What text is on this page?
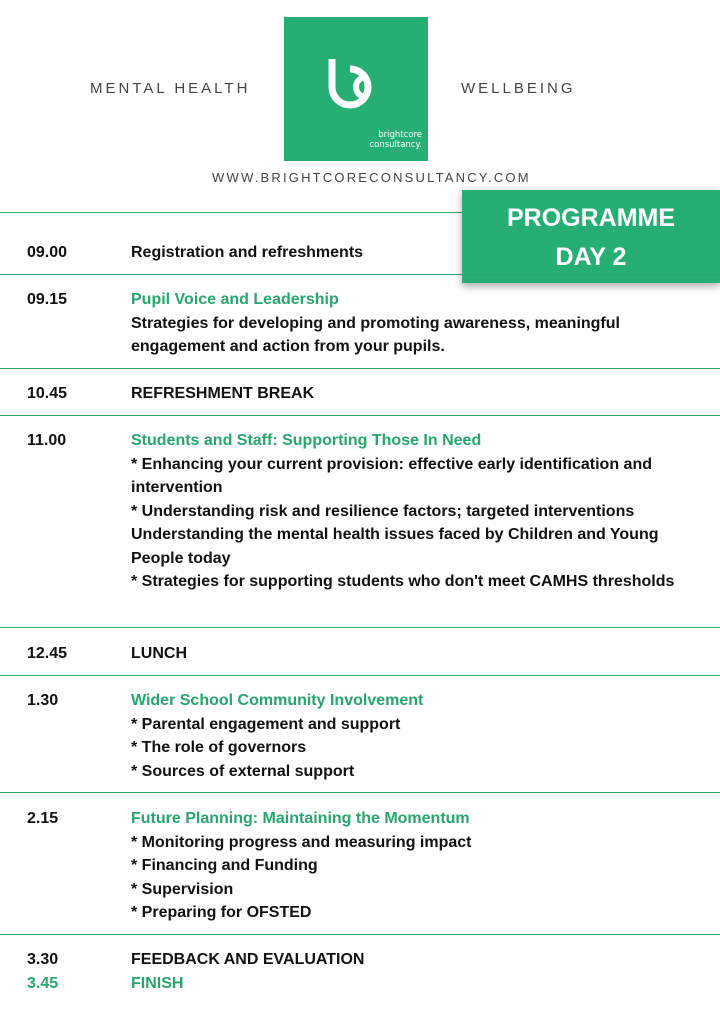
MENTAL HEALTH	WELLBEING
brightcore
consultancy.
WWW.BRIGHTCORECONSULTANCY.COM
PROGRAMME
DAY 2
09.00	Registration and refreshments
09.15	Pupil Voice and Leadership
Strategies for developing and promoting awareness, meaningful engagement and action from your pupils.
10.45	REFRESHMENT BREAK
11.00	Students and Staff: Supporting Those In Need
* Enhancing your current provision: effective early identification and intervention
* Understanding risk and resilience factors; targeted interventions
Understanding the mental health issues faced by Children and Young People today
* Strategies for supporting students who don't meet CAMHS thresholds
12.45	LUNCH
1.30	Wider School Community Involvement
* Parental engagement and support
* The role of governors
* Sources of external support
2.15	Future Planning: Maintaining the Momentum
* Monitoring progress and measuring impact
* Financing and Funding
* Supervision
* Preparing for OFSTED
3.30	FEEDBACK AND EVALUATION
3.45	FINISH
